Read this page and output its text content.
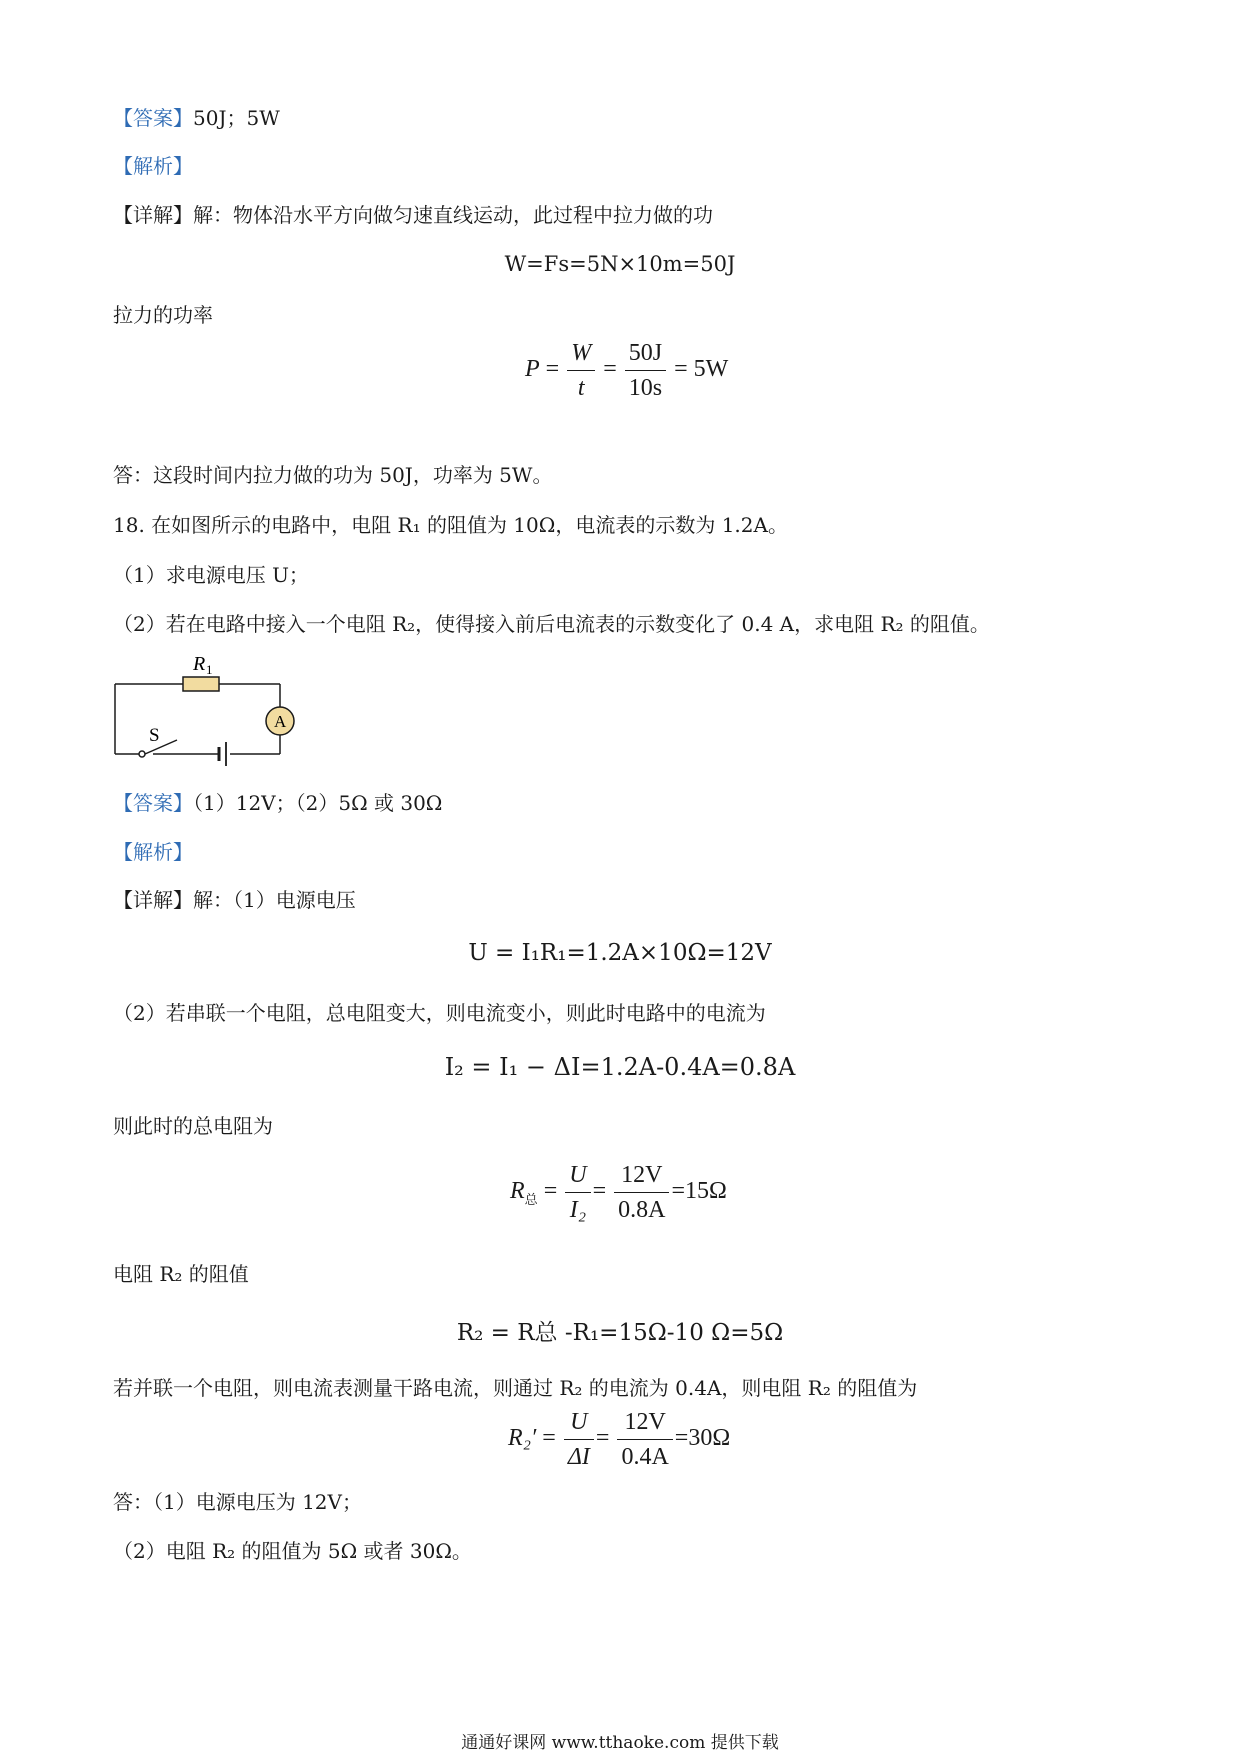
【答案】50J；5W
【解析】
【详解】解：物体沿水平方向做匀速直线运动，此过程中拉力做的功
W=Fs=5N×10m=50J
拉力的功率
$P = \frac{W}{t} = \frac{50J}{10s} = 5W$
答：这段时间内拉力做的功为 50J，功率为 5W。
18. 在如图所示的电路中，电阻 R₁ 的阻值为 10Ω，电流表的示数为 1.2A。
（1）求电源电压 U；
（2）若在电路中接入一个电阻 R₂，使得接入前后电流表的示数变化了 0.4 A，求电阻 R₂ 的阻值。
R 1
A
S
【答案】（1）12V；（2）5Ω 或 30Ω
【解析】
【详解】解：（1）电源电压
U = I₁R₁=1.2A×10Ω=12V
（2）若串联一个电阻，总电阻变大，则电流变小，则此时电路中的电流为
I₂ = I₁ − ΔI=1.2A-0.4A=0.8A
则此时的总电阻为
$R_总 = \frac{U}{\text{I₂}} = \frac{12V}{0.8A} =15\Omega$
电阻 R₂ 的阻值
R₂ = R总 -R₁=15Ω-10 Ω=5Ω
若并联一个电阻，则电流表测量干路电流，则通过 R₂ 的电流为 0.4A，则电阻 R₂ 的阻值为
$R_2' = \frac{U}{\Delta I} = \frac{12V}{0.4A} =30\Omega$
答：（1）电源电压为 12V；
（2）电阻 R₂ 的阻值为 5Ω 或者 30Ω。
通通好课网 www.tthaoke.com 提供下载
